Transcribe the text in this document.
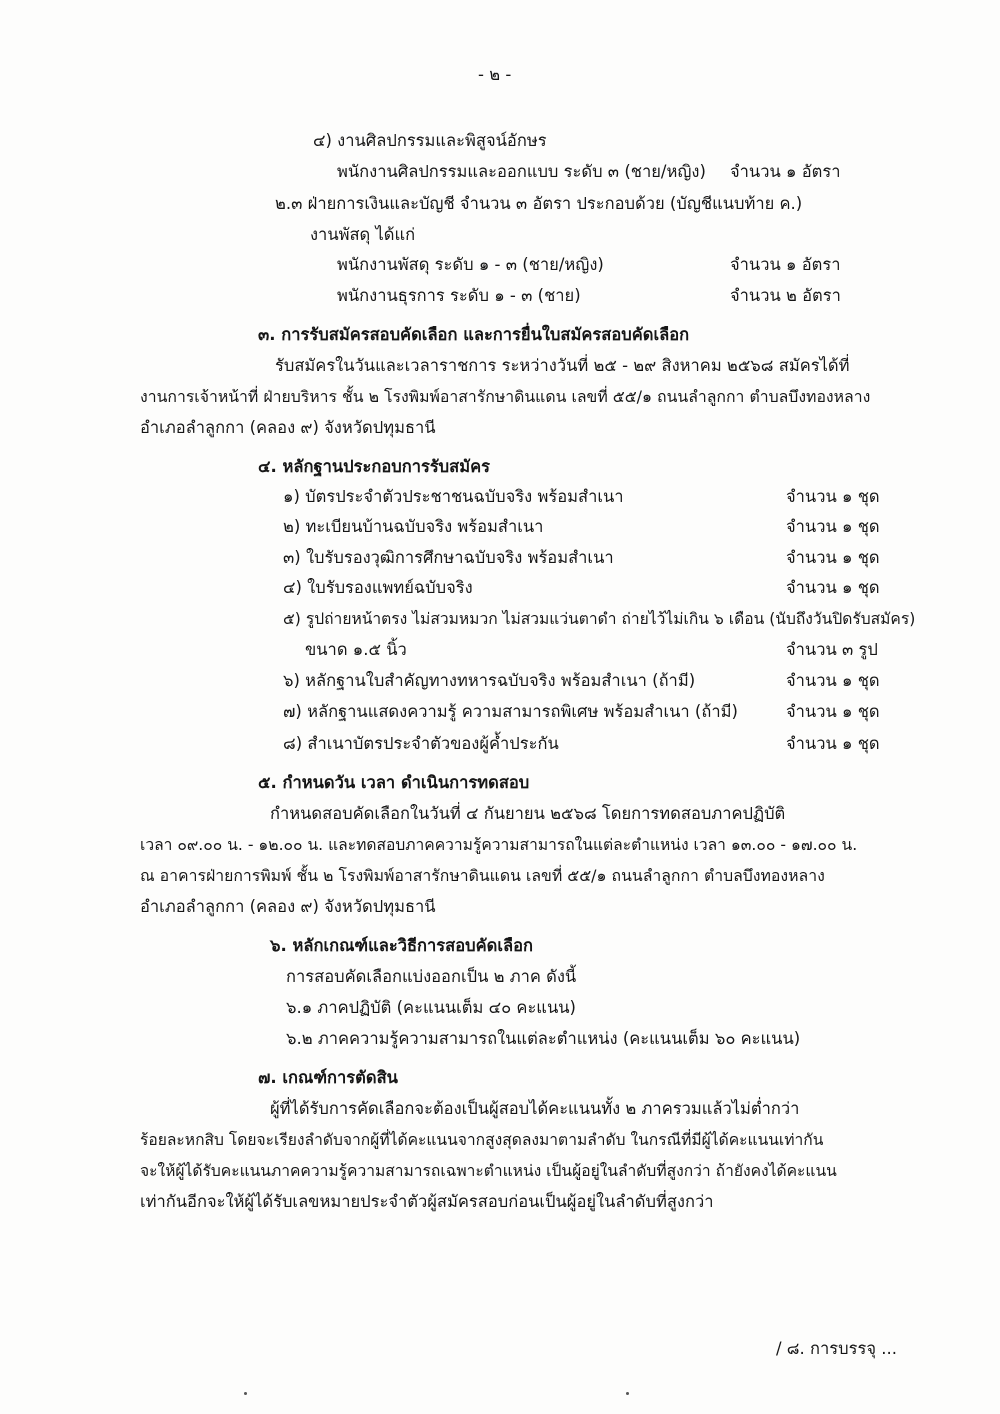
- ๒ -
๔) งานศิลปกรรมและพิสูจน์อักษร
พนักงานศิลปกรรมและออกแบบ ระดับ ๓ (ชาย/หญิง) จำนวน ๑ อัตรา
๒.๓ ฝ่ายการเงินและบัญชี จำนวน ๓ อัตรา ประกอบด้วย (บัญชีแนบท้าย ค.)
งานพัสดุ ได้แก่
พนักงานพัสดุ ระดับ ๑ - ๓ (ชาย/หญิง)	จำนวน ๑ อัตรา
พนักงานธุรการ ระดับ ๑ - ๓ (ชาย)	จำนวน ๒ อัตรา
๓. การรับสมัครสอบคัดเลือก และการยื่นใบสมัครสอบคัดเลือก
รับสมัครในวันและเวลาราชการ ระหว่างวันที่ ๒๕ - ๒๙ สิงหาคม ๒๕๖๘ สมัครได้ที่
งานการเจ้าหน้าที่ ฝ่ายบริหาร ชั้น ๒ โรงพิมพ์อาสารักษาดินแดน เลขที่ ๕๕/๑ ถนนลำลูกกา ตำบลบึงทองหลาง
อำเภอลำลูกกา (คลอง ๙) จังหวัดปทุมธานี
๔. หลักฐานประกอบการรับสมัคร
๑) บัตรประจำตัวประชาชนฉบับจริง พร้อมสำเนา	จำนวน ๑ ชุด
๒) ทะเบียนบ้านฉบับจริง พร้อมสำเนา	จำนวน ๑ ชุด
๓) ใบรับรองวุฒิการศึกษาฉบับจริง พร้อมสำเนา	จำนวน ๑ ชุด
๔) ใบรับรองแพทย์ฉบับจริง	จำนวน ๑ ชุด
๕) รูปถ่ายหน้าตรง ไม่สวมหมวก ไม่สวมแว่นตาดำ ถ่ายไว้ไม่เกิน ๖ เดือน (นับถึงวันปิดรับสมัคร)
ขนาด ๑.๕ นิ้ว	จำนวน ๓ รูป
๖) หลักฐานใบสำคัญทางทหารฉบับจริง พร้อมสำเนา (ถ้ามี)	จำนวน ๑ ชุด
๗) หลักฐานแสดงความรู้ ความสามารถพิเศษ พร้อมสำเนา (ถ้ามี)	จำนวน ๑ ชุด
๘) สำเนาบัตรประจำตัวของผู้ค้ำประกัน	จำนวน ๑ ชุด
๕. กำหนดวัน เวลา ดำเนินการทดสอบ
กำหนดสอบคัดเลือกในวันที่ ๔ กันยายน ๒๕๖๘ โดยการทดสอบภาคปฏิบัติ
เวลา ๐๙.๐๐ น. - ๑๒.๐๐ น. และทดสอบภาคความรู้ความสามารถในแต่ละตำแหน่ง เวลา ๑๓.๐๐ - ๑๗.๐๐ น.
ณ อาคารฝ่ายการพิมพ์ ชั้น ๒ โรงพิมพ์อาสารักษาดินแดน เลขที่ ๕๕/๑ ถนนลำลูกกา ตำบลบึงทองหลาง
อำเภอลำลูกกา (คลอง ๙) จังหวัดปทุมธานี
๖. หลักเกณฑ์และวิธีการสอบคัดเลือก
การสอบคัดเลือกแบ่งออกเป็น ๒ ภาค ดังนี้
๖.๑ ภาคปฏิบัติ (คะแนนเต็ม ๔๐ คะแนน)
๖.๒ ภาคความรู้ความสามารถในแต่ละตำแหน่ง (คะแนนเต็ม ๖๐ คะแนน)
๗. เกณฑ์การตัดสิน
ผู้ที่ได้รับการคัดเลือกจะต้องเป็นผู้สอบได้คะแนนทั้ง ๒ ภาครวมแล้วไม่ต่ำกว่า
ร้อยละหกสิบ โดยจะเรียงลำดับจากผู้ที่ได้คะแนนจากสูงสุดลงมาตามลำดับ ในกรณีที่มีผู้ได้คะแนนเท่ากัน
จะให้ผู้ได้รับคะแนนภาคความรู้ความสามารถเฉพาะตำแหน่ง เป็นผู้อยู่ในลำดับที่สูงกว่า ถ้ายังคงได้คะแนน
เท่ากันอีกจะให้ผู้ได้รับเลขหมายประจำตัวผู้สมัครสอบก่อนเป็นผู้อยู่ในลำดับที่สูงกว่า
/ ๘. การบรรจุ ...
